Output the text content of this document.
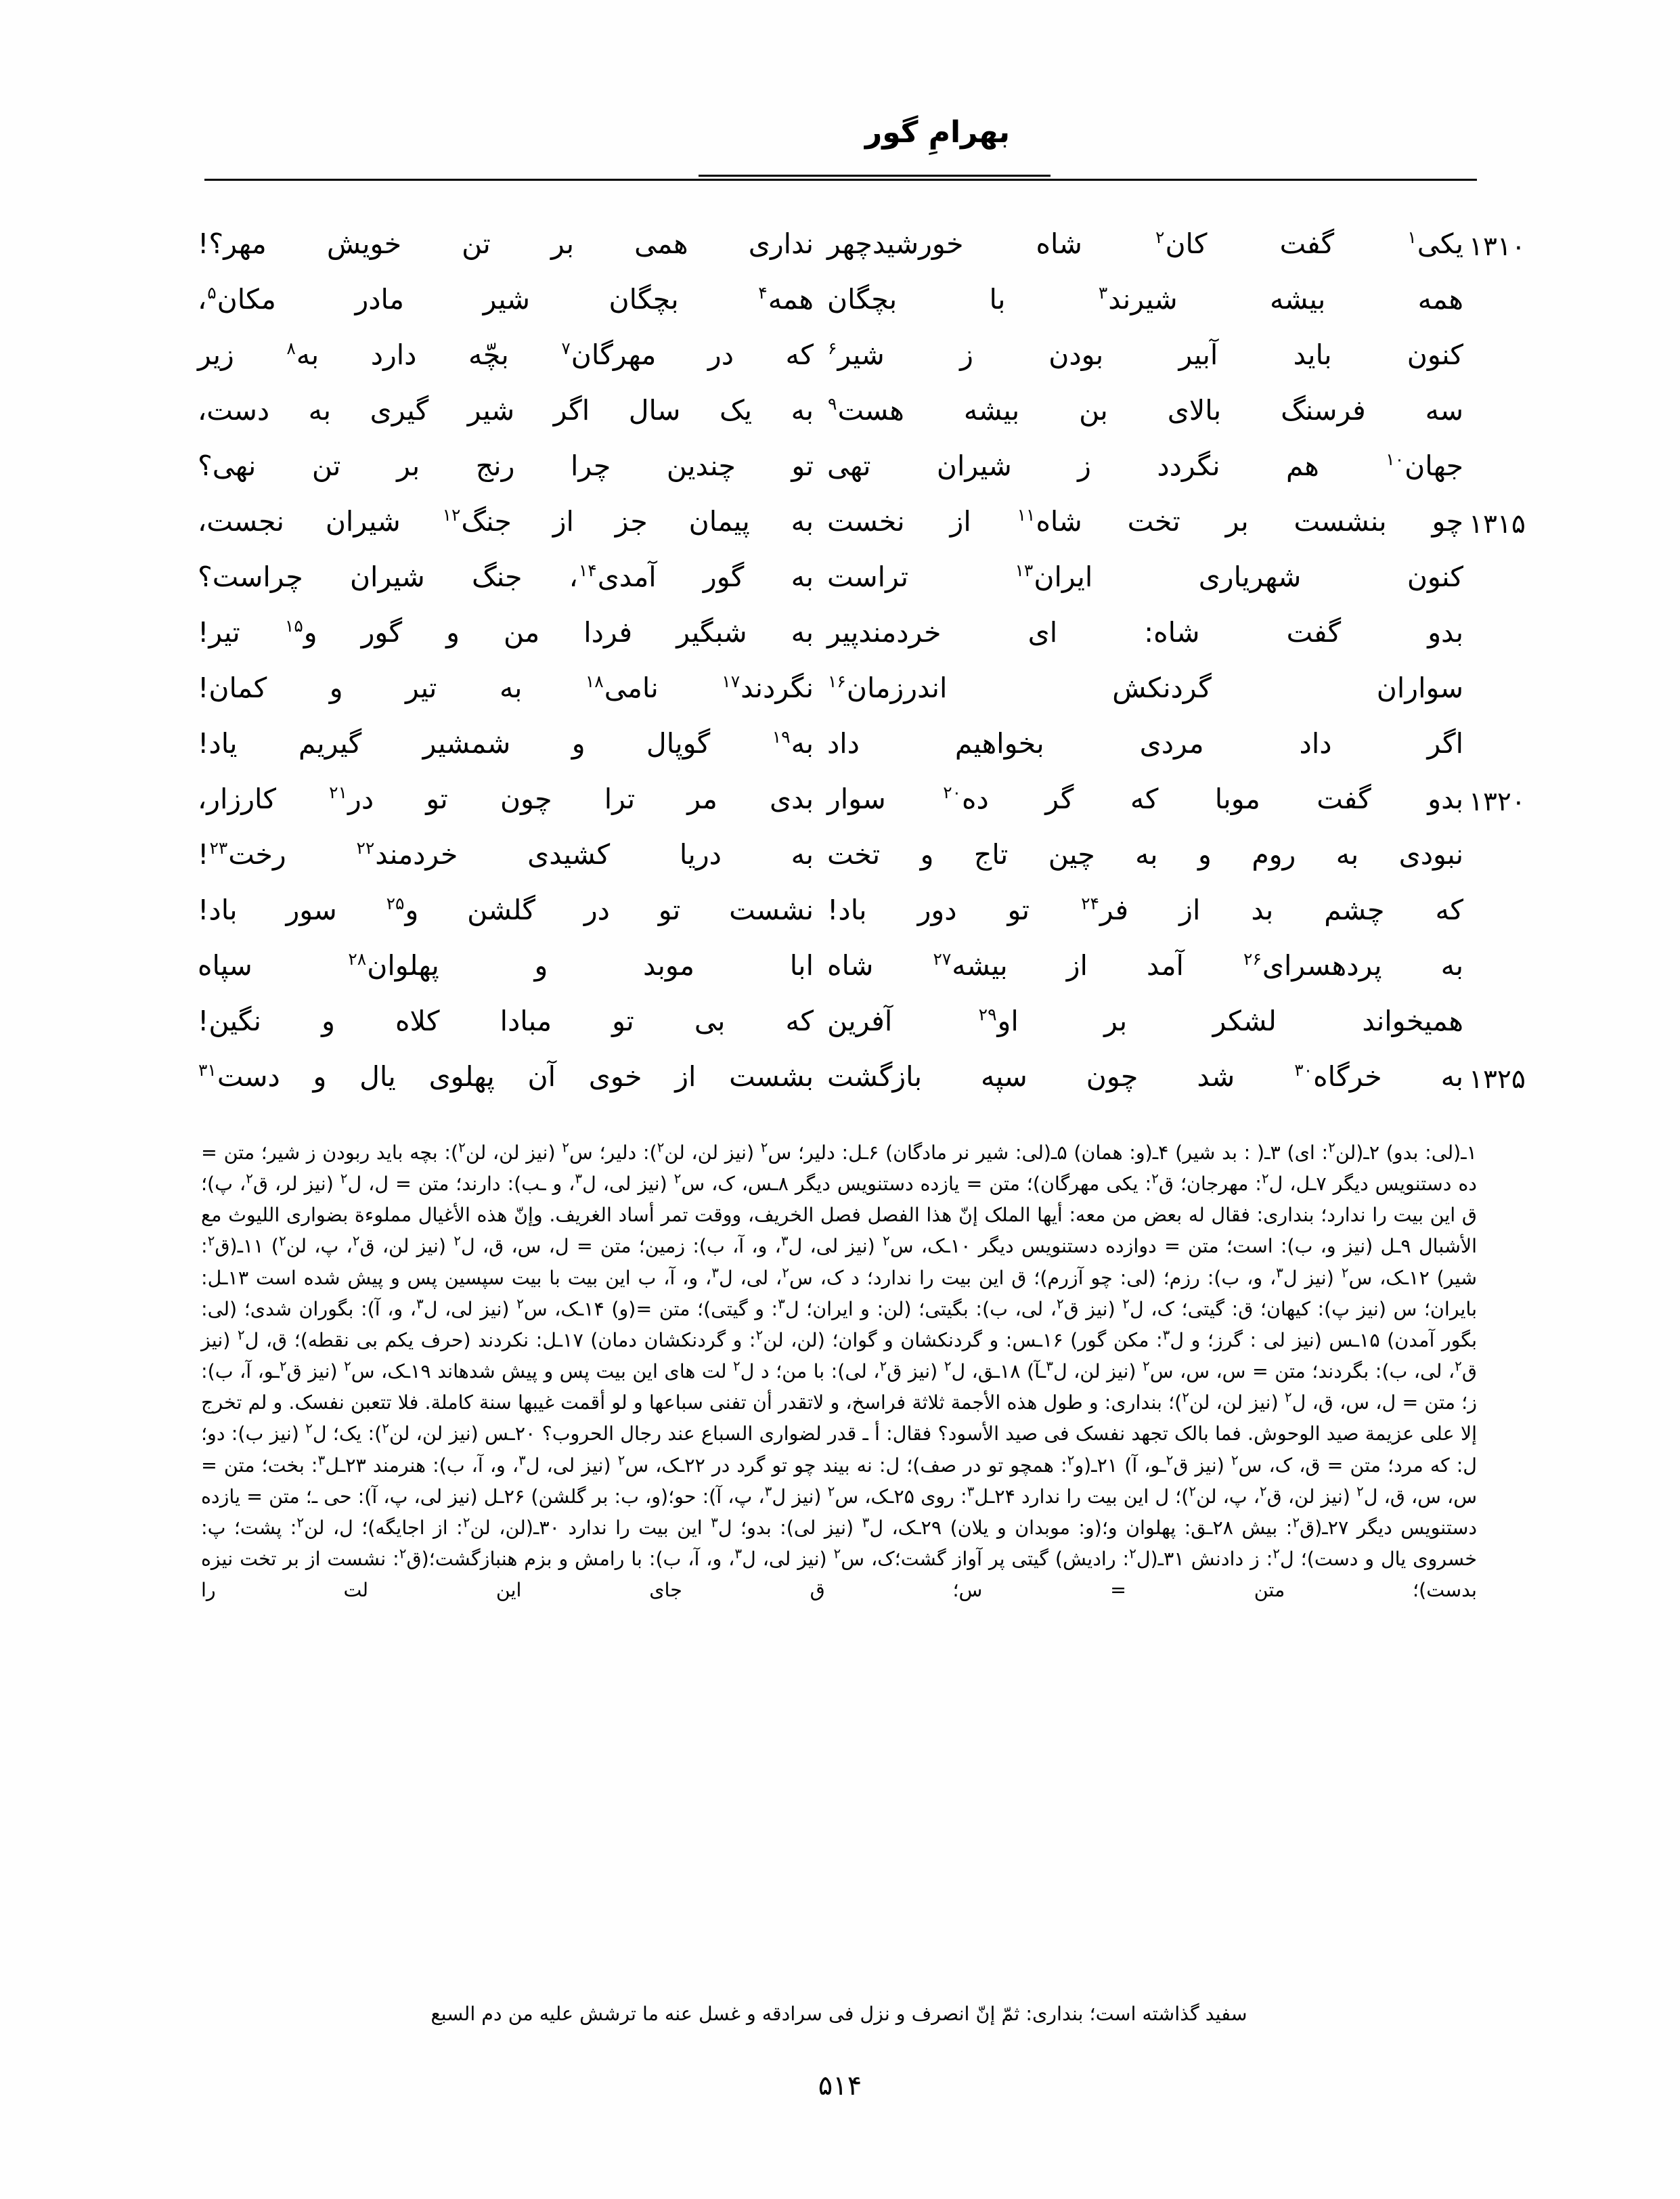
بهرامِ گور
۱۳۱۰
یکی$^۱$ گفت کان$^۲$ شاه خورشیدچهر
نداری همی بر تن خویش مهر؟!
همه بیشه شیرند$^۳$ با بچگان
همه$^۴$ بچگان شیر مادر مکان$^۵$،
کنون باید آبیر بودن ز شیر$^۶$
که در مهرگان$^۷$ بچّه دارد به$^۸$ زیر
سه فرسنگ بالای بن بیشه هست$^۹$
به یک سال اگر شیر گیری به دست،
جهان$^{۱۰}$ هم نگردد ز شیران تهی
تو چندین چرا رنج بر تن نهی؟
۱۳۱۵
چو بنشست بر تخت شاه$^{۱۱}$ از نخست
به پیمان جز از جنگ$^{۱۲}$ شیران نجست،
کنون شهریاری ایران$^{۱۳}$ تراست
به گور آمدی$^{۱۴}$، جنگ شیران چراست؟
بدو گفت شاه: ای خردمندپیر
به شبگیر فردا من و گور و$^{۱۵}$ تیر!
سواران گردنکش اندرزمان$^{۱۶}$
نگردند$^{۱۷}$ نامی$^{۱۸}$ به تیر و کمان!
اگر داد مردی بخواهیم داد
به$^{۱۹}$ گوپال و شمشیر گیریم یاد!
۱۳۲۰
بدو گفت موبا که گر ده$^{۲۰}$ سوار
بدی مر ترا چون تو در$^{۲۱}$ کارزار،
نبودی به روم و به چین تاج و تخت
به دریا کشیدی خردمند$^{۲۲}$ رخت$^{۲۳}$!
که چشم بد از فر$^{۲۴}$ تو دور باد!
نشست تو در گلشن و$^{۲۵}$ سور باد!
به پردهسرای$^{۲۶}$ آمد از بیشه$^{۲۷}$ شاه
ابا موبد و پهلوان$^{۲۸}$ سپاه
همیخواند لشکر بر او$^{۲۹}$ آفرین
که بی تو مبادا کلاه و نگین!
۱۳۲۵
به خرگاه$^{۳۰}$ شد چون سپه بازگشت
بشست از خوی آن پهلوی یال و دست$^{۳۱}$
۱ـ(لی: بدو) ۲ـ(لن$^۲$: ای) ۳ـ( : بد شیر) ۴ـ(و: همان) ۵ـ(لی: شیر نر مادگان) ۶ـل: دلیر؛ س$^۲$ (نیز لن، لن$^۲$): دلیر؛ س$^۲$ (نیز لن، لن$^۲$): بچه باید ربودن ز شیر؛ متن = ده دستنویس دیگر ۷ـل، ل$^۲$: مهرجان؛ ق$^۲$: یکی مهرگان)؛ متن = یازده دستنویس دیگر ۸ـس، ک، س$^۲$ (نیز لی، ل$^۳$، و ـب): دارند؛ متن = ل، ل$^۲$ (نیز لر، ق$^۲$، پ)؛ ق این بیت را ندارد؛ بنداری: فقال له بعض من معه: أیها الملک إنّ هذا الفصل فصل الخریف، ووقت تمر أساد الغریف. وإنّ هذه الأغیال مملوءة بضواری اللیوث مع الأشبال ۹ـل (نیز و، ب): است؛ متن = دوازده دستنویس دیگر ۱۰ـک، س$^۲$ (نیز لی، ل$^۳$، و، آ، ب): زمین؛ متن = ل، س، ق، ل$^۲$ (نیز لن، ق$^۲$، پ، لن$^۲$) ۱۱ـ(ق$^۲$: شیر) ۱۲ـک، س$^۲$ (نیز ل$^۳$، و، ب): رزم؛ (لی: چو آزرم)؛ ق این بیت را ندارد؛ د ک، س$^۲$، لی، ل$^۳$، و، آ، ب این بیت با بیت سپسین پس و پیش شده است ۱۳ـل: بایران؛ س (نیز پ): کیهان؛ ق: گیتی؛ ک، ل$^۲$ (نیز ق$^۲$، لی، ب): بگیتی؛ (لن: و ایران؛ ل$^۳$: و گیتی)؛ متن =(و) ۱۴ـک، س$^۲$ (نیز لی، ل$^۳$، و، آ): بگوران شدی؛ (لی: بگور آمدن) ۱۵ـس (نیز لی : گرز؛ و ل$^۳$: مکن گور) ۱۶ـس: و گردنکشان و گوان؛ (لن، لن$^۲$: و گردنکشان دمان) ۱۷ـل: نکردند (حرف یکم بی نقطه)؛ ق، ل$^۲$ (نیز ق$^۲$، لی، ب): بگردند؛ متن = س، س، س$^۲$ (نیز لن، ل$^۳$ـآ) ۱۸ـق، ل$^۲$ (نیز ق$^۲$، لی): با من؛ د ل$^۲$ لت های این بیت پس و پیش شدهاند ۱۹ـک، س$^۲$ (نیز ق$^۲$ـو، آ، ب): ز؛ متن = ل، س، ق، ل$^۲$ (نیز لن، لن$^۲$)؛ بنداری: و طول هذه الأجمة ثلاثة فراسخ، و لاتقدر أن تفنی سباعها و لو أقمت غیبها سنة کاملة. فلا تتعبن نفسک. و لم تخرج إلا علی عزیمة صید الوحوش. فما بالک تجهد نفسک فی صید الأسود؟ فقال: أ ـ قدر لضواری السباع عند رجال الحروب؟ ۲۰ـس (نیز لن، لن$^۲$): یک؛ ل$^۲$ (نیز ب): دو؛ ل: که مرد؛ متن = ق، ک، س$^۲$ (نیز ق$^۲$ـو، آ) ۲۱ـ(و$^۲$: همچو تو در صف)؛ ل: نه بیند چو تو گرد در ۲۲ـک، س$^۲$ (نیز لی، ل$^۳$، و، آ، ب): هنرمند ۲۳ـل$^۳$: بخت؛ متن = س، س، ق، ل$^۲$ (نیز لن، ق$^۲$، پ، لن$^۲$)؛ ل این بیت را ندارد ۲۴ـل$^۳$: روی ۲۵ـک، س$^۲$ (نیز ل$^۳$، پ، آ): حو؛(و، ب: بر گلشن) ۲۶ـل (نیز لی، پ، آ): حی ـ؛ متن = یازده دستنویس دیگر ۲۷ـ(ق$^۲$: بیش ۲۸ـق: پهلوان و؛(و: موبدان و یلان) ۲۹ـک، ل$^۳$ (نیز لی): بدو؛ ل$^۳$ این بیت را ندارد ۳۰ـ(لن، لن$^۲$: از اجایگه)؛ ل، لن$^۲$: پشت؛ پ: خسروی یال و دست)؛ ل$^۲$: ز دادنش ۳۱ـ(ل$^۲$: رادیش) گیتی پر آواز گشت؛ک، س$^۲$ (نیز لی، ل$^۳$، و، آ، ب): با رامش و بزم هنبازگشت؛(ق$^۲$: نشست از بر تخت نیزه بدست)؛ متن = س؛ ق جای این لت را
سفید گذاشته است؛ بنداری: ثمّ إنّ انصرف و نزل فی سرادقه و غسل عنه ما ترشش علیه من دم السبع
۵۱۴
